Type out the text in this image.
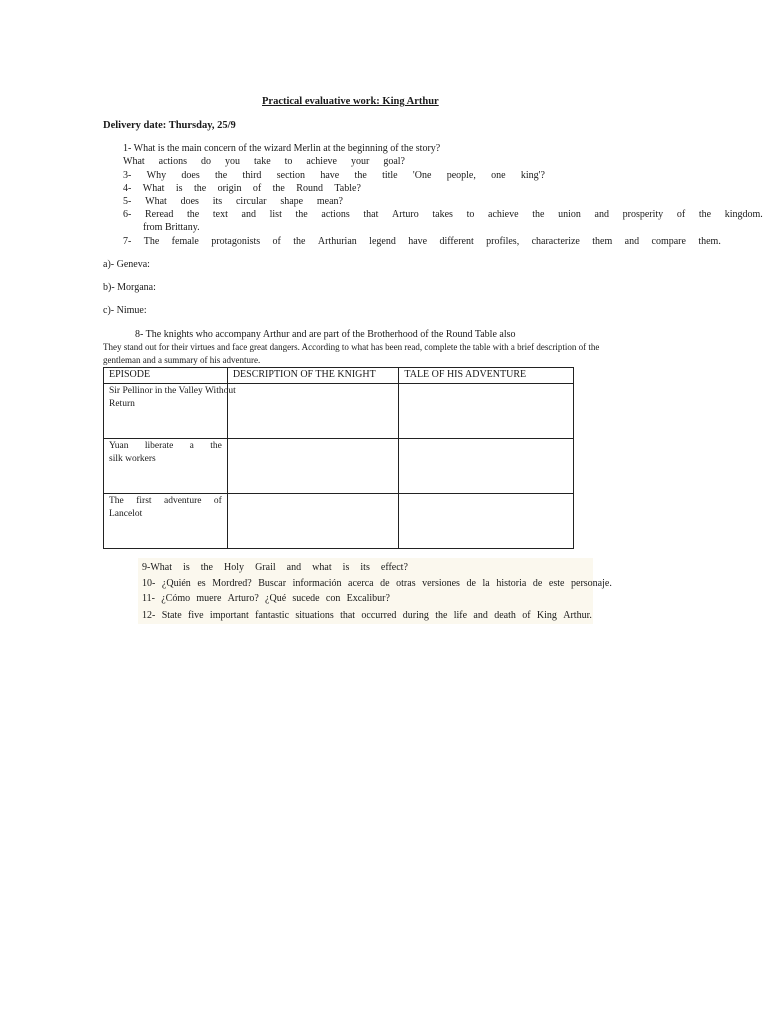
Practical evaluative work: King Arthur
Delivery date: Thursday, 25/9
1- What is the main concern of the wizard Merlin at the beginning of the story?
What actions do you take to achieve your goal?
3- Why does the third section have the title 'One people, one king'?
4- What is the origin of the Round Table?
5- What does its circular shape mean?
6- Reread the text and list the actions that Arturo takes to achieve the union and prosperity of the kingdom.
from Brittany.
7- The female protagonists of the Arthurian legend have different profiles, characterize them and compare them.
a)- Geneva:
b)- Morgana:
c)- Nimue:
8- The knights who accompany Arthur and are part of the Brotherhood of the Round Table also
They stand out for their virtues and face great dangers. According to what has been read, complete the table with a brief description of the
gentleman and a summary of his adventure.
EPISODE	DESCRIPTION OF THE KNIGHT	TALE OF HIS ADVENTURE

Sir Pellinor in the Valley Without
Return		

Yuan liberate a the
silk workers		

The first adventure of
Lancelot		

9-What is the Holy Grail and what is its effect?
10- ¿Quién es Mordred? Buscar información acerca de otras versiones de la historia de este personaje.
11- ¿Cómo muere Arturo? ¿Qué sucede con Excalibur?
12- State five important fantastic situations that occurred during the life and death of King Arthur.
